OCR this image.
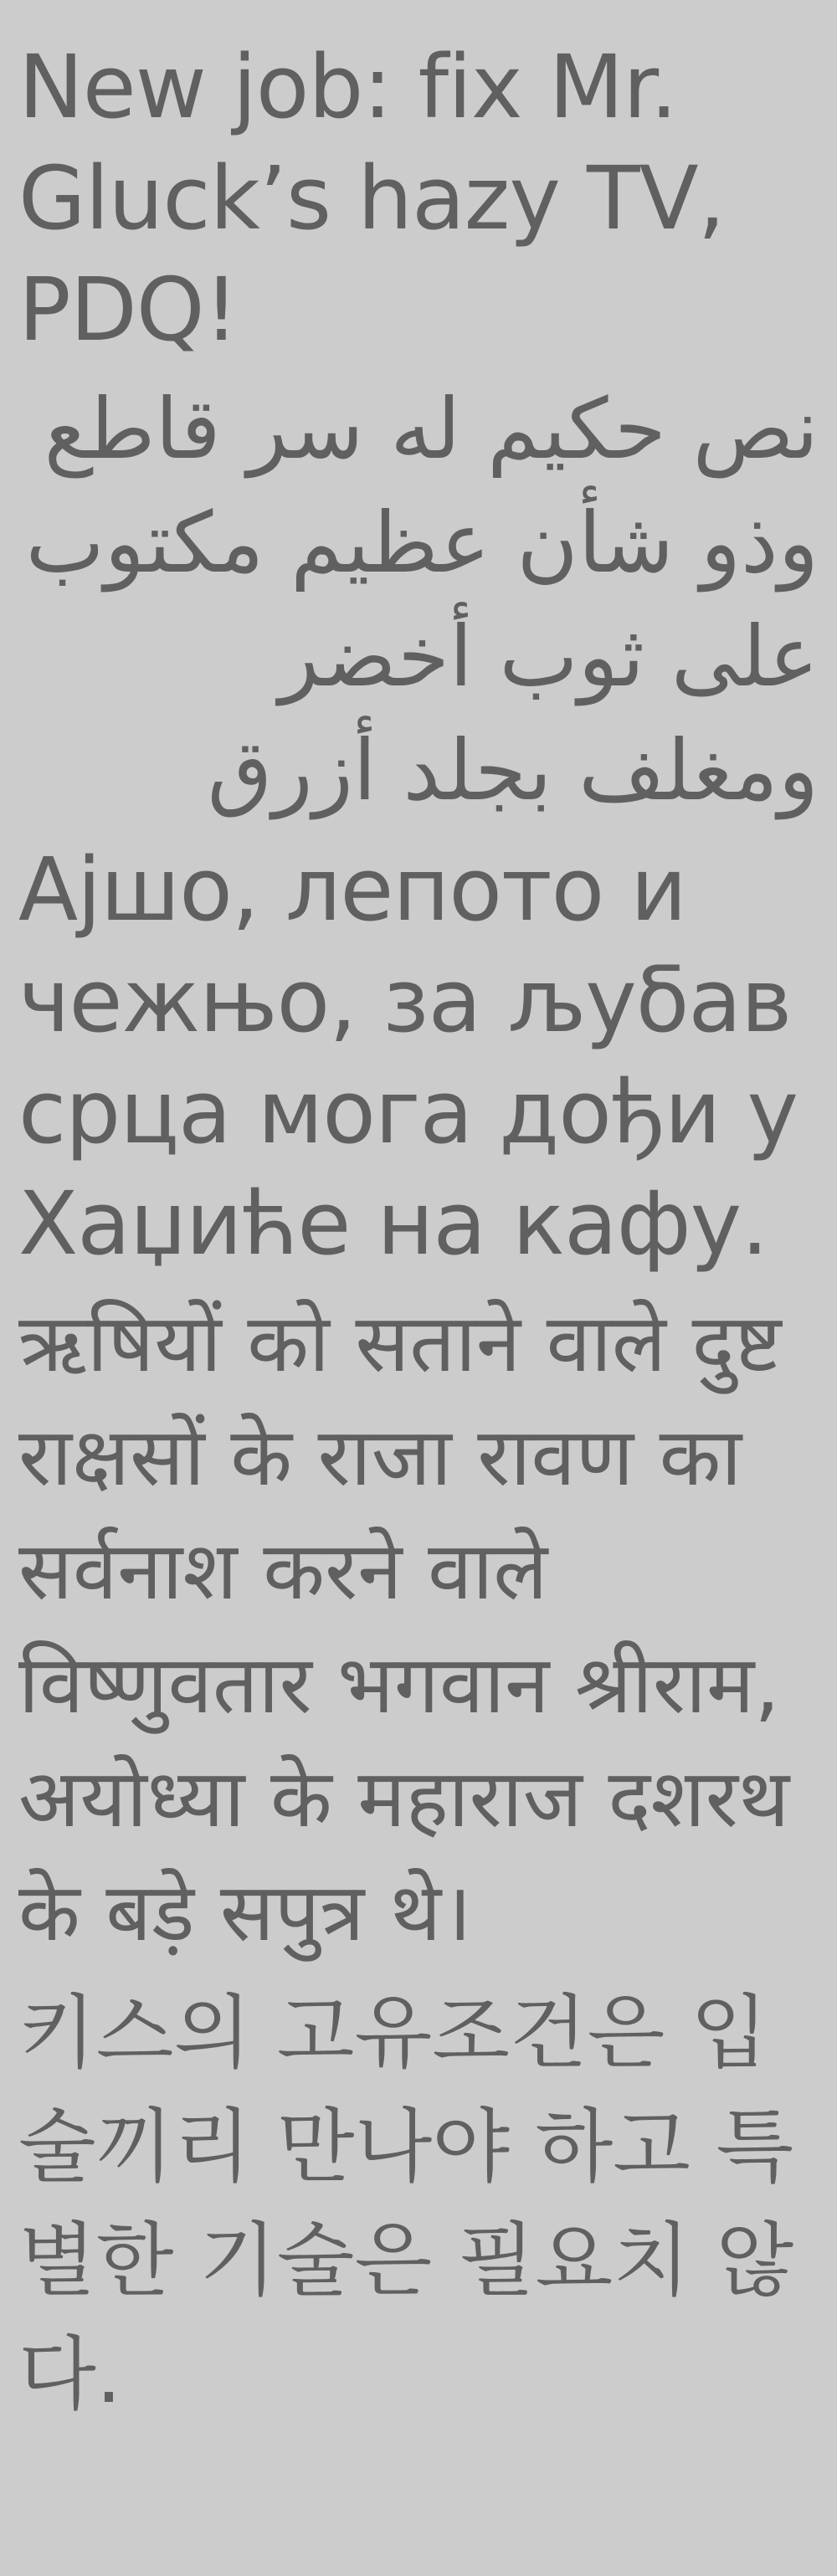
New job: fix Mr. Gluck’s hazy TV, PDQ!

نص حكيم له سر قاطع وذو شأن عظيم مكتوب على ثوب أخضر ومغلف بجلد أزرق

Ајшо, лепото и чежњо, за љубав срца мога дођи у Хаџиће на кафу.

ऋषियों को सताने वाले दुष्ट राक्षसों के राजा रावण का सर्वनाश करने वाले विष्णुवतार भगवान श्रीराम, अयोध्या के महाराज दशरथ के बड़े सपुत्र थे।

키스의 고유조건은 입술끼리 만나야 하고 특별한 기술은 필요치 않다.
